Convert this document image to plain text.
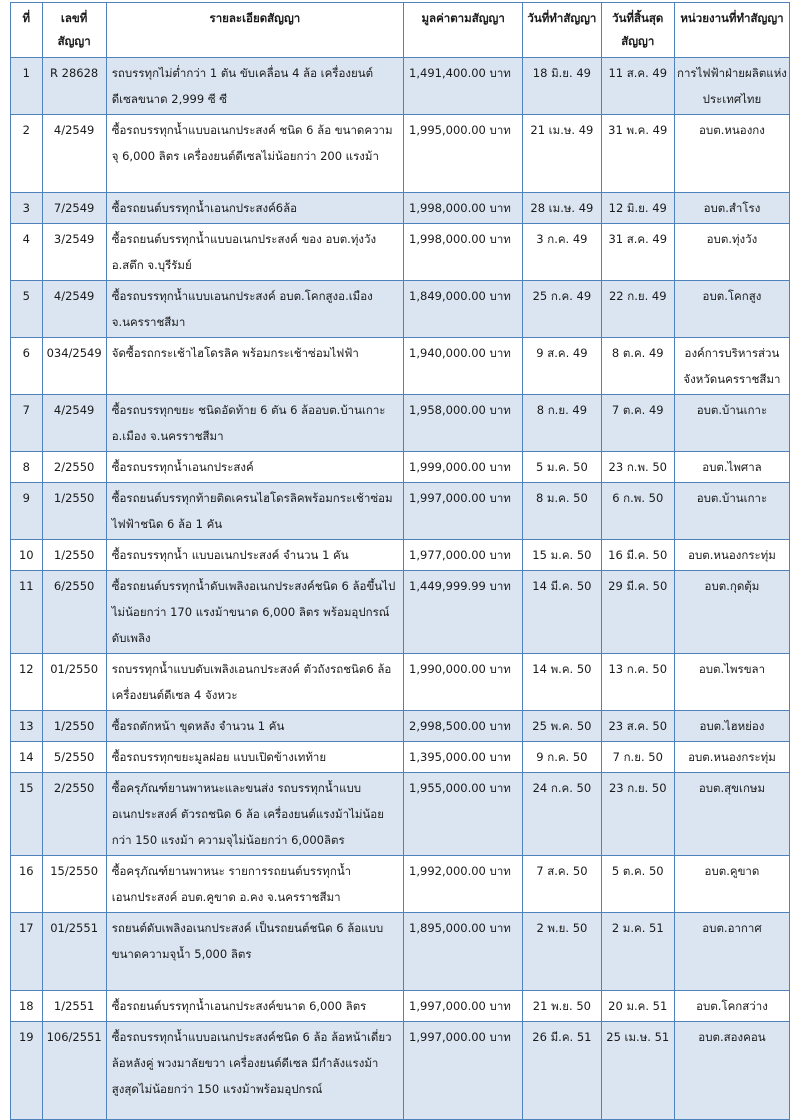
ที่	เลขที่สัญญา	รายละเอียดสัญญา	มูลค่าตามสัญญา	วันที่ทำสัญญา	วันที่สิ้นสุดสัญญา	หน่วยงานที่ทำสัญญา
1	R 28628	รถบรรทุกไม่ต่ำกว่า 1 ตัน ขับเคลื่อน 4 ล้อ เครื่องยนต์ดีเซลขนาด 2,999 ซี ซี	1,491,400.00 บาท	18 มิ.ย. 49	11 ส.ค. 49	การไฟฟ้าฝ่ายผลิตแห่งประเทศไทย
2	4/2549	ซื้อรถบรรทุกน้ำแบบอเนกประสงค์ ชนิด 6 ล้อ ขนาดความจุ 6,000 ลิตร เครื่องยนต์ดีเซลไม่น้อยกว่า 200 แรงม้า	1,995,000.00 บาท	21 เม.ษ. 49	31 พ.ค. 49	อบต.หนองกง
3	7/2549	ซื้อรถยนต์บรรทุกน้ำเอนกประสงค์6ล้อ	1,998,000.00 บาท	28 เม.ษ. 49	12 มิ.ย. 49	อบต.สำโรง
4	3/2549	ซื้อรถยนต์บรรทุกน้ำแบบอเนกประสงค์ ของ อบต.ทุ่งวังอ.สตึก จ.บุรีรัมย์	1,998,000.00 บาท	3 ก.ค. 49	31 ส.ค. 49	อบต.ทุ่งวัง
5	4/2549	ซื้อรถบรรทุกน้ำแบบเอนกประสงค์ อบต.โคกสูงอ.เมือง จ.นครราชสีมา	1,849,000.00 บาท	25 ก.ค. 49	22 ก.ย. 49	อบต.โคกสูง
6	034/2549	จัดซื้อรถกระเช้าไฮโดรลิค พร้อมกระเช้าซ่อมไฟฟ้า	1,940,000.00 บาท	9 ส.ค. 49	8 ต.ค. 49	องค์การบริหารส่วนจังหวัดนครราชสีมา
7	4/2549	ซื้อรถบรรทุกขยะ ชนิดอัดท้าย 6 ตัน 6 ล้ออบต.บ้านเกาะ อ.เมือง จ.นครราชสีมา	1,958,000.00 บาท	8 ก.ย. 49	7 ต.ค. 49	อบต.บ้านเกาะ
8	2/2550	ซื้อรถบรรทุกน้ำเอนกประสงค์	1,999,000.00 บาท	5 ม.ค. 50	23 ก.พ. 50	อบต.ไพศาล
9	1/2550	ซื้อรถยนต์บรรทุกท้ายติดเครนไฮโดรลิคพร้อมกระเช้าซ่อมไฟฟ้าชนิด 6 ล้อ 1 คัน	1,997,000.00 บาท	8 ม.ค. 50	6 ก.พ. 50	อบต.บ้านเกาะ
10	1/2550	ซื้อรถบรรทุกน้ำ แบบอเนกประสงค์ จำนวน 1 คัน	1,977,000.00 บาท	15 ม.ค. 50	16 มี.ค. 50	อบต.หนองกระทุ่ม
11	6/2550	ซื้อรถยนต์บรรทุกน้ำดับเพลิงอเนกประสงค์ชนิด 6 ล้อขึ้นไป ไม่น้อยกว่า 170 แรงม้าขนาด 6,000 ลิตร พร้อมอุปกรณ์ดับเพลิง	1,449,999.99 บาท	14 มี.ค. 50	29 มี.ค. 50	อบต.กุดตุ้ม
12	01/2550	รถบรรทุกน้ำแบบดับเพลิงเอนกประสงค์ ตัวถังรถชนิด6 ล้อ เครื่องยนต์ดีเซล 4 จังหวะ	1,990,000.00 บาท	14 พ.ค. 50	13 ก.ค. 50	อบต.ไพรขลา
13	1/2550	ซื้อรถตักหน้า ขุดหลัง จำนวน 1 คัน	2,998,500.00 บาท	25 พ.ค. 50	23 ส.ค. 50	อบต.ไฮหย่อง
14	5/2550	ซื้อรถบรรทุกขยะมูลฝอย แบบเปิดข้างเทท้าย	1,395,000.00 บาท	9 ก.ค. 50	7 ก.ย. 50	อบต.หนองกระทุ่ม
15	2/2550	ซื้อครุภัณฑ์ยานพาหนะและขนส่ง รถบรรทุกน้ำแบบอเนกประสงค์ ตัวรถชนิด 6 ล้อ เครื่องยนต์แรงม้าไม่น้อยกว่า 150 แรงม้า ความจุไม่น้อยกว่า 6,000ลิตร	1,955,000.00 บาท	24 ก.ค. 50	23 ก.ย. 50	อบต.สุขเกษม
16	15/2550	ซื้อครุภัณฑ์ยานพาหนะ รายการรถยนต์บรรทุกน้ำเอนกประสงค์ อบต.คูขาด อ.คง จ.นครราชสีมา	1,992,000.00 บาท	7 ส.ค. 50	5 ต.ค. 50	อบต.คูขาด
17	01/2551	รถยนต์ดับเพลิงอเนกประสงค์ เป็นรถยนต์ชนิด 6 ล้อแบบขนาดความจุน้ำ 5,000 ลิตร	1,895,000.00 บาท	2 พ.ย. 50	2 ม.ค. 51	อบต.อากาศ
18	1/2551	ซื้อรถยนต์บรรทุกน้ำเอนกประสงค์ขนาด 6,000 ลิตร	1,997,000.00 บาท	21 พ.ย. 50	20 ม.ค. 51	อบต.โคกสว่าง
19	106/2551	ซื้อรถบรรทุกน้ำแบบอเนกประสงค์ชนิด 6 ล้อ ล้อหน้าเดี่ยว ล้อหลังคู่ พวงมาลัยขวา เครื่องยนต์ดีเซล มีกำลังแรงม้าสูงสุดไม่น้อยกว่า 150 แรงม้าพร้อมอุปกรณ์	1,997,000.00 บาท	26 มี.ค. 51	25 เม.ษ. 51	อบต.สองคอน
